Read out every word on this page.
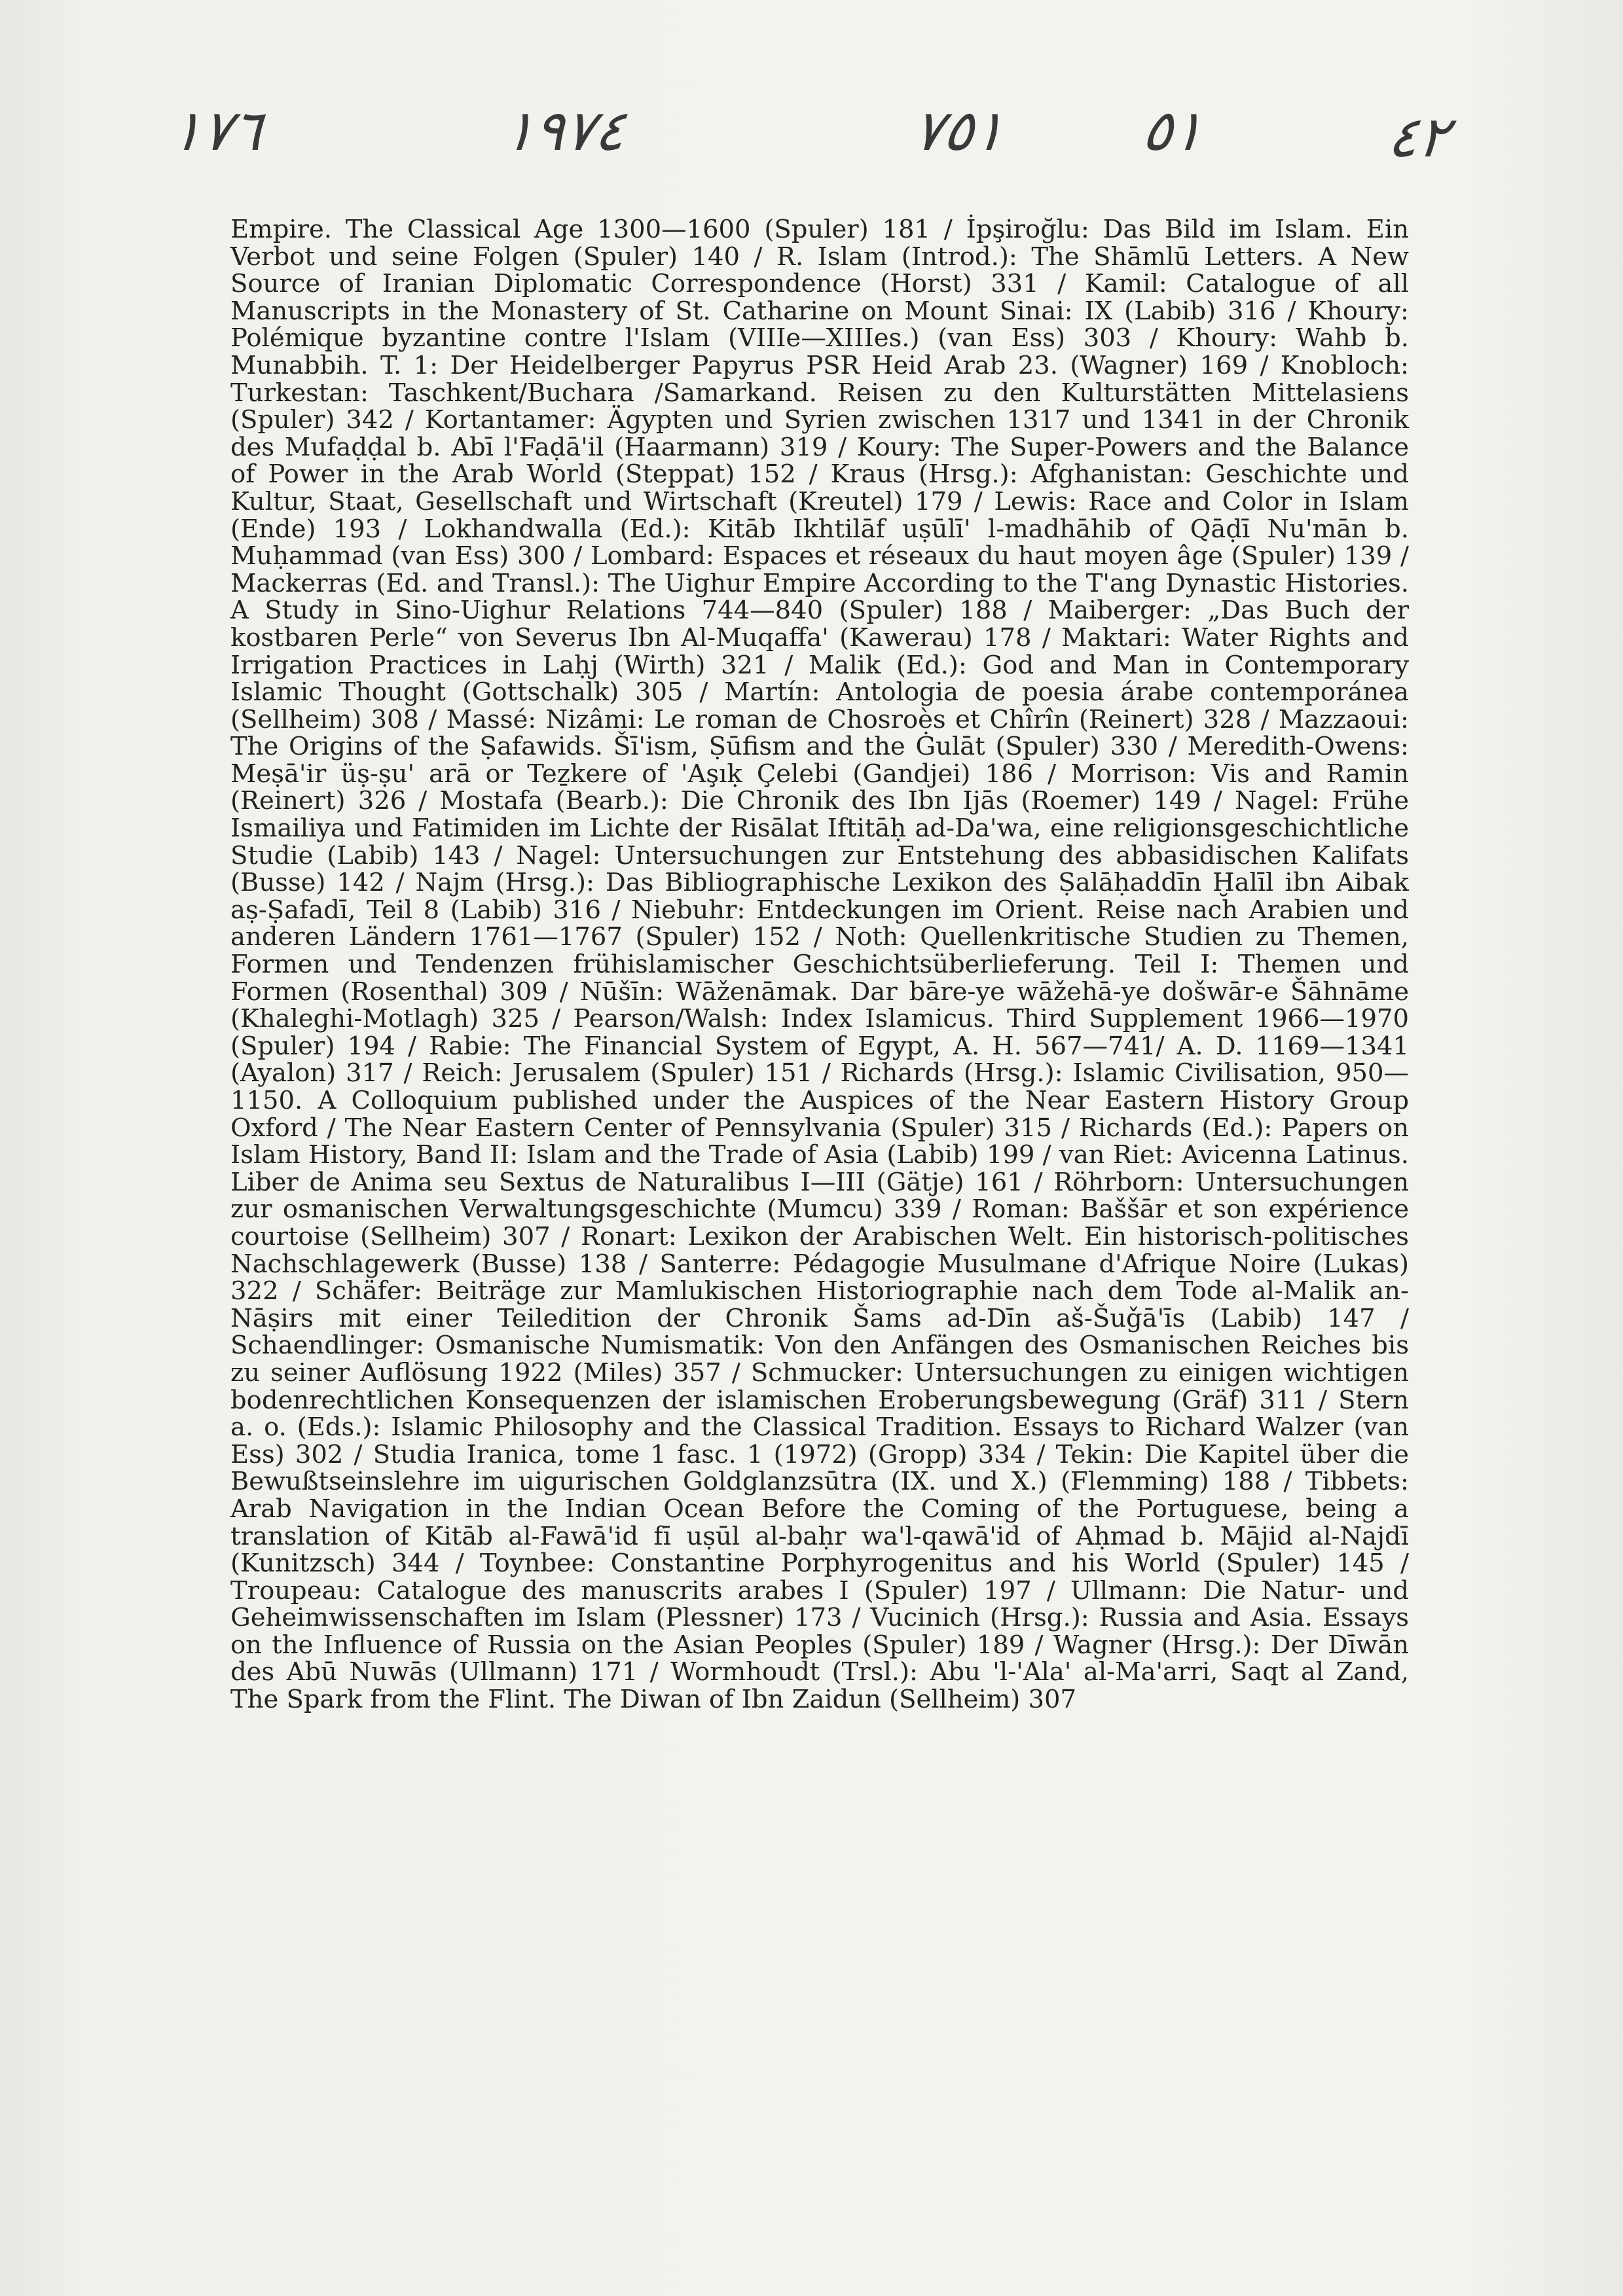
١٧٦	١٩٧٤	٧٥١ ٥١	٤٢

Empire. The Classical Age 1300—1600 (Spuler) 181 / İpşiroğlu: Das Bild im Islam. Ein Verbot und seine Folgen (Spuler) 140 / R. Islam (Introd.): The Shāmlū Letters. A New Source of Iranian Diplomatic Correspondence (Horst) 331 / Kamil: Catalogue of all Manuscripts in the Monastery of St. Catharine on Mount Sinai: IX (Labib) 316 / Khoury: Polémique byzantine contre l'Islam (VIIIe—XIIIes.) (van Ess) 303 / Khoury: Wahb b. Munabbih. T. 1: Der Heidelberger Papyrus PSR Heid Arab 23. (Wagner) 169 / Knobloch: Turkestan: Taschkent/Buchara /Samarkand. Reisen zu den Kulturstätten Mittelasiens (Spuler) 342 / Kortantamer: Ägypten und Syrien zwischen 1317 und 1341 in der Chronik des Mufaḍḍal b. Abī l'Faḍā'il (Haarmann) 319 / Koury: The Super-Powers and the Balance of Power in the Arab World (Steppat) 152 / Kraus (Hrsg.): Afghanistan: Geschichte und Kultur, Staat, Gesellschaft und Wirtschaft (Kreutel) 179 / Lewis: Race and Color in Islam (Ende) 193 / Lokhandwalla (Ed.): Kitāb Ikhtilāf uṣūlī' l-madhāhib of Qāḍī Nu'mān b. Muḥammad (van Ess) 300 / Lombard: Espaces et réseaux du haut moyen âge (Spuler) 139 / Mackerras (Ed. and Transl.): The Uighur Empire According to the T'ang Dynastic Histories. A Study in Sino-Uighur Relations 744—840 (Spuler) 188 / Maiberger: „Das Buch der kostbaren Perle“ von Severus Ibn Al-Muqaffa' (Kawerau) 178 / Maktari: Water Rights and Irrigation Practices in Laḥj (Wirth) 321 / Malik (Ed.): God and Man in Contemporary Islamic Thought (Gottschalk) 305 / Martín: Antologia de poesia árabe contemporánea (Sellheim) 308 / Massé: Nizâmi: Le roman de Chosroès et Chîrîn (Reinert) 328 / Mazzaoui: The Origins of the Ṣafawids. Šī'ism, Ṣūfism and the Ġulāt (Spuler) 330 / Meredith-Owens: Meṣā'ir üṣ-ṣu' arā or Teẕkere of 'Aşıḳ Çelebi (Gandjei) 186 / Morrison: Vis and Ramin (Reinert) 326 / Mostafa (Bearb.): Die Chronik des Ibn Ijās (Roemer) 149 / Nagel: Frühe Ismailiya und Fatimiden im Lichte der Risālat Iftitāḥ ad-Da'wa, eine religionsgeschichtliche Studie (Labib) 143 / Nagel: Untersuchungen zur Entstehung des abbasidischen Kalifats (Busse) 142 / Najm (Hrsg.): Das Bibliographische Lexikon des Ṣalāḥaddīn Ḫalīl ibn Aibak aṣ-Ṣafadī, Teil 8 (Labib) 316 / Niebuhr: Entdeckungen im Orient. Reise nach Arabien und anderen Ländern 1761—1767 (Spuler) 152 / Noth: Quellenkritische Studien zu Themen, Formen und Tendenzen frühislamischer Geschichtsüberlieferung. Teil I: Themen und Formen (Rosenthal) 309 / Nūšīn: Wāženāmak. Dar bāre-ye wāžehā-ye došwār-e Šāhnāme (Khaleghi-Motlagh) 325 / Pearson/Walsh: Index Islamicus. Third Supplement 1966—1970 (Spuler) 194 / Rabie: The Financial System of Egypt, A. H. 567—741/ A. D. 1169—1341 (Ayalon) 317 / Reich: Jerusalem (Spuler) 151 / Richards (Hrsg.): Islamic Civilisation, 950—1150. A Colloquium published under the Auspices of the Near Eastern History Group Oxford / The Near Eastern Center of Pennsylvania (Spuler) 315 / Richards (Ed.): Papers on Islam History, Band II: Islam and the Trade of Asia (Labib) 199 / van Riet: Avicenna Latinus. Liber de Anima seu Sextus de Naturalibus I—III (Gätje) 161 / Röhrborn: Untersuchungen zur osmanischen Verwaltungsgeschichte (Mumcu) 339 / Roman: Baššār et son expérience courtoise (Sellheim) 307 / Ronart: Lexikon der Arabischen Welt. Ein historisch-politisches Nachschlagewerk (Busse) 138 / Santerre: Pédagogie Musulmane d'Afrique Noire (Lukas) 322 / Schäfer: Beiträge zur Mamlukischen Historiographie nach dem Tode al-Malik an-Nāṣirs mit einer Teiledition der Chronik Šams ad-Dīn aš-Šuǧā'īs (Labib) 147 / Schaendlinger: Osmanische Numismatik: Von den Anfängen des Osmanischen Reiches bis zu seiner Auflösung 1922 (Miles) 357 / Schmucker: Untersuchungen zu einigen wichtigen bodenrechtlichen Konsequenzen der islamischen Eroberungsbewegung (Gräf) 311 / Stern a. o. (Eds.): Islamic Philosophy and the Classical Tradition. Essays to Richard Walzer (van Ess) 302 / Studia Iranica, tome 1 fasc. 1 (1972) (Gropp) 334 / Tekin: Die Kapitel über die Bewußtseinslehre im uigurischen Goldglanzsūtra (IX. und X.) (Flemming) 188 / Tibbets: Arab Navigation in the Indian Ocean Before the Coming of the Portuguese, being a translation of Kitāb al-Fawā'id fī uṣūl al-baḥr wa'l-qawā'id of Aḥmad b. Mājid al-Najdī (Kunitzsch) 344 / Toynbee: Constantine Porphyrogenitus and his World (Spuler) 145 / Troupeau: Catalogue des manuscrits arabes I (Spuler) 197 / Ullmann: Die Natur- und Geheimwissenschaften im Islam (Plessner) 173 / Vucinich (Hrsg.): Russia and Asia. Essays on the Influence of Russia on the Asian Peoples (Spuler) 189 / Wagner (Hrsg.): Der Dīwān des Abū Nuwās (Ullmann) 171 / Wormhoudt (Trsl.): Abu 'l-'Ala' al-Ma'arri, Saqt al Zand, The Spark from the Flint. The Diwan of Ibn Zaidun (Sellheim) 307
